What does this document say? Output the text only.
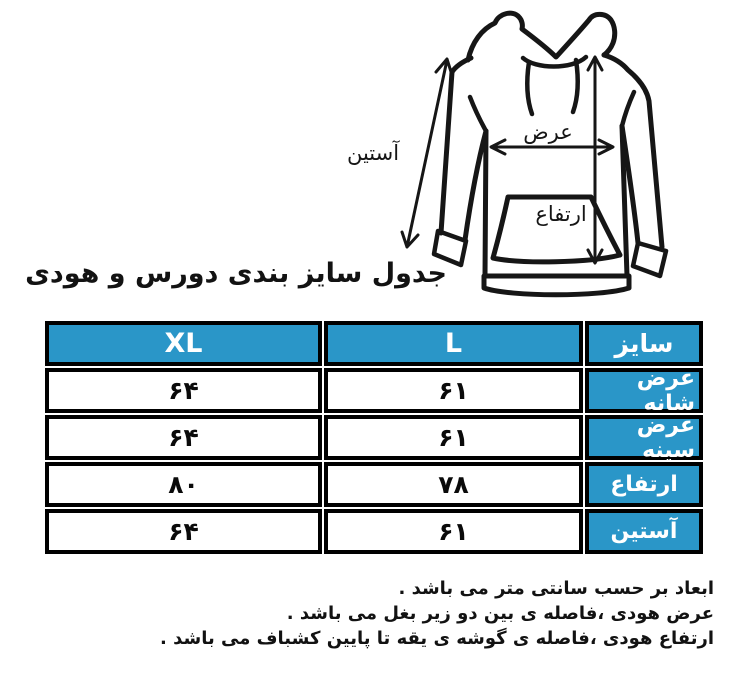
آستین
عرض
ارتفاع
جدول سایز بندی دورس و هودی
XL	L	سایز
۶۴	۶۱	عرض شانه
۶۴	۶۱	عرض سینه
۸۰	۷۸	ارتفاع
۶۴	۶۱	آستین
ابعاد بر حسب سانتی متر می باشد .
عرض هودی ،فاصله ی بین دو زیر بغل می باشد .
ارتفاع هودی ،فاصله ی گوشه ی یقه تا پایین کشباف می باشد .
